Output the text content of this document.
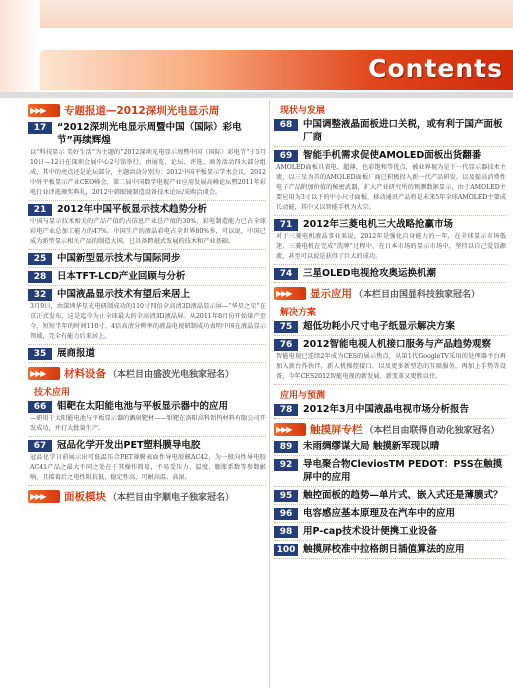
Contents
▶▶▶	专题报道—2012深圳光电显示周
17	“2012深圳光电显示周暨中国（国际）彩电节”再续辉煌
以“科技显示 美好生活”为主题的“2012深圳光电显示周暨中国（国际）彩电节”于5月10日—12日在深圳会展中心2号馆举行，由展览、论坛、评选、商务活动四大部分组成，其中的亮点还是论坛部分，主题活动分别为：2012中国平板显示学术会议，2012中外平板显示产业CEO峰会，第二届中国数字电视产业应用发展高峰论坛暨2011年彩电行业评选颁奖典礼，2012中韩眼镜制造设备技术论坛/采购洽谈会。
21	2012年中国平板显示技术趋势分析
中国与显示技术相关的产品产值约占信息产业总产值的30%，彩电制造能力已占全球彩电产业总加工能力的47%，中国生产的液晶彩电占全世界80%多，可以说，中国已成为新型显示相关产品的制造大国，已具备跨越式发展的技术和产业基础。
25	中国新型显示技术与国际同步
28	日本TFT-LCD产业回顾与分析
32	中国液晶显示技术有望后来居上
3月9日，由深圳华星光电研制成功的110寸四倍全高清3D液晶显示屏—“华星之星”在京正式发布，这是迄今为止全球最大的全高清3D液晶屏。从2011年8月份开始量产至今，短短半年的时间110寸、4倍高清分辨率的液晶电视研制成功表明中国在液晶显示领域，完全有能力后来居上。
35	展商报道
▶▶▶	材料设备 （本栏目由盛波光电独家冠名）
技术应用
66	钼靶在太阳能电池与平板显示器中的应用
—研用于太阳能电池与平板显示器的溅射靶材——钼靶在洛阳高科钼钨材料有限公司开发成功，并打大批量生产。
67	冠品化学开发出PET塑料膜导电胶
冠品化学日前展示出可低温压合PET薄膜表面性导电胶膜AC42，为一般向性导电胶AC41产品之最大不同之处在于其操作简易，不易受压力、温度、膨胀系数等参数影响，且接着后之电性阻抗低，稳定性高，可耐高温、高湿。
▶▶▶	面板模块 （本栏目由宇顺电子独家冠名）
现状与发展
68	中国调整液晶面板进口关税，或有利于国产面板厂商
69	智能手机需求促使AMOLED面板出货翻番
AMOLED面板具省电、超薄、色彩饱和等优点，被业界视为是下一代显示器技术主流，以三星为首的AMOLED面板厂商已积极投入新一代产品研发，以及提高消费性电子产品附加价值的秘密武器，扩大产业研究所的预测数据显示，由于AMOLED主要应用为3寸以下的中小尺寸面板，移动通讯产品将是未来5年全球AMOLED主要成长动能，其中又以智能手机为大宗。
71	2012年三菱电机三大战略抢赢市场
对于三菱电机液晶事业来说，2012年是强化自身能力的一年，在全球显示市场低迷，三菱电机在完成“洗牌”过程中，在日本市场的显示市场中，坚持以自己爱显源流，甚至可以说是获得了巨大的成功。
74	三星OLED电视抢攻奥运换机潮
▶▶▶	显示应用 （本栏目由国显科技独家冠名）
解决方案
75	超低功耗小尺寸电子纸显示解决方案
76	2012智能电视人机接口服务与产品趋势观察
智能电视已连续2年成为CES的展示焦点，从第1代GoogleTV采用的处理器平台再加入新台作伙伴，新人机操控接口，以及更多新型态的互联服务，再加上手势等设备，今年CES2012智能电视的新发展、新变革又更胜以往。
应用与预测
78	2012年3月中国液晶电视市场分析报告
▶▶▶	触摸屏专栏 （本栏目由联得自动化独家冠名）
89	未雨绸缪谋大局 触摸新军现以晴
92	导电聚合物CleviosTM PEDOT：PSS在触摸屏中的应用
95	触控面板的趋势—单片式、嵌入式还是薄膜式？
96	电容感应基本原理及在汽车中的应用
98	用P-cap技术设计便携工业设备
100 触摸屏校准中拉格朗日插值算法的应用
